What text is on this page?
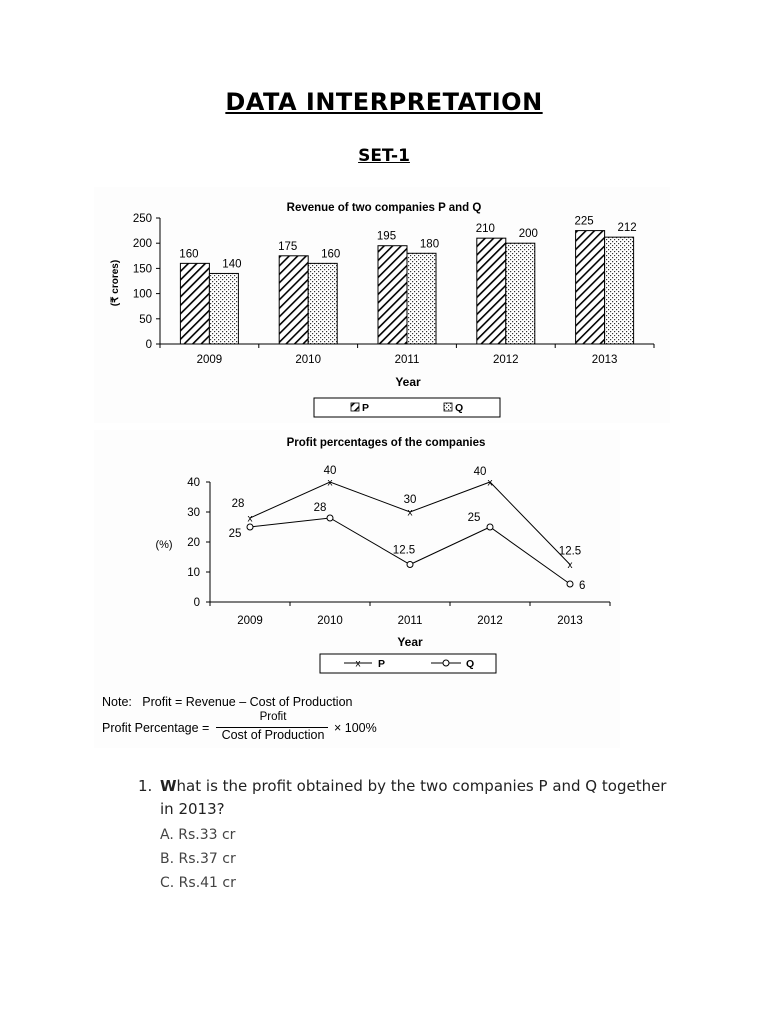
DATA INTERPRETATION
SET-1
Revenue of two companies P and Q
0
50
100
150
200
250
2009
160
140
2010
175
160
2011
195
180
2012
210 200
2013
225
212
(₹ crores)
Year
P	Q
Profit percentages of the companies
0
10
20
30
40
2009	2010	2011	2012	2013
x
28
x
40
x
30
x
40
x
12.5
25
28
12.5
25
6
(%)
Year
x P	Q
Note:   Profit = Revenue – Cost of Production
Profit Percentage =
Profit
Cost of Production × 100%
1. What is the profit obtained by the two companies P and Q together in 2013?
A. Rs.33 cr
B. Rs.37 cr
C. Rs.41 cr
